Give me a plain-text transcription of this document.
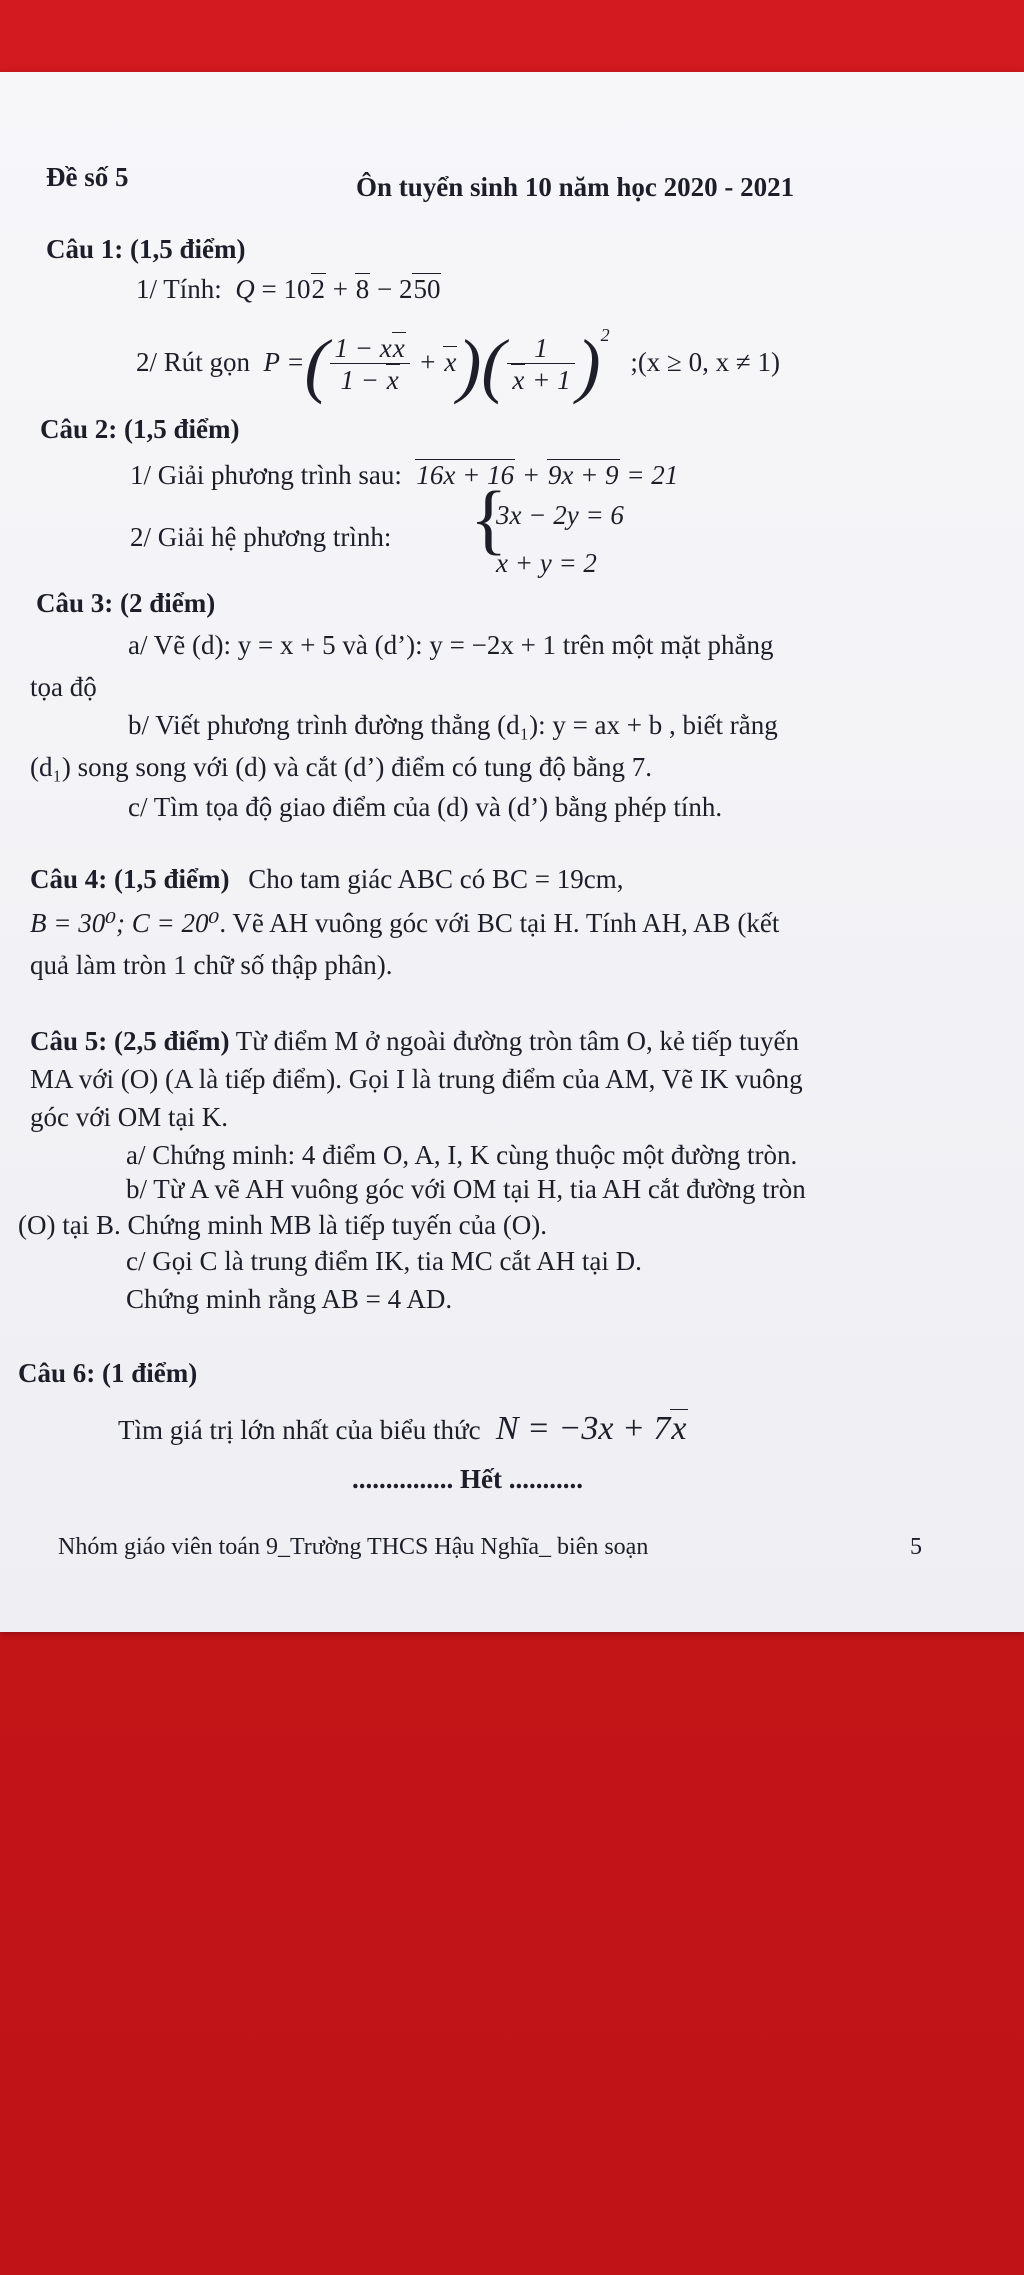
Đề số 5	Ôn tuyển sinh 10 năm học 2020 - 2021
Câu 1: (1,5 điểm)
1/ Tính:  Q = 102 + 8 − 250
2/ Rút gọn  P =( $\frac{1 - xx}{1 - x} + x)( \frac{1}{x + 1} )^2$ ;(x ≥ 0, x ≠ 1)
Câu 2: (1,5 điểm)
1/ Giải phương trình sau: 16x + 16 + 9x + 9 = 21
2/ Giải hệ phương trình: {
3x − 2y = 6
x + y = 2
Câu 3: (2 điểm)
a/ Vẽ (d): y = x + 5 và (d’): y = −2x + 1 trên một mặt phẳng
tọa độ
b/ Viết phương trình đường thẳng (d₁): y = ax + b , biết rằng
(d₁) song song với (d) và cắt (d’) điểm có tung độ bằng 7.
c/ Tìm tọa độ giao điểm của (d) và (d’) bằng phép tính.
Câu 4: (1,5 điểm) Cho tam giác ABC có BC = 19cm,
B = 30⁰; C = 20⁰. Vẽ AH vuông góc với BC tại H. Tính AH, AB (kết
quả làm tròn 1 chữ số thập phân).
Câu 5: (2,5 điểm) Từ điểm M ở ngoài đường tròn tâm O, kẻ tiếp tuyến
MA với (O) (A là tiếp điểm). Gọi I là trung điểm của AM, Vẽ IK vuông
góc với OM tại K.
a/ Chứng minh: 4 điểm O, A, I, K cùng thuộc một đường tròn.
b/ Từ A vẽ AH vuông góc với OM tại H, tia AH cắt đường tròn
(O) tại B. Chứng minh MB là tiếp tuyến của (O).
c/ Gọi C là trung điểm IK, tia MC cắt AH tại D.
Chứng minh rằng AB = 4 AD.
Câu 6: (1 điểm)
Tìm giá trị lớn nhất của biểu thức  N = −3x + 7x
............... Hết ...........
Nhóm giáo viên toán 9_Trường THCS Hậu Nghĩa_ biên soạn	5
